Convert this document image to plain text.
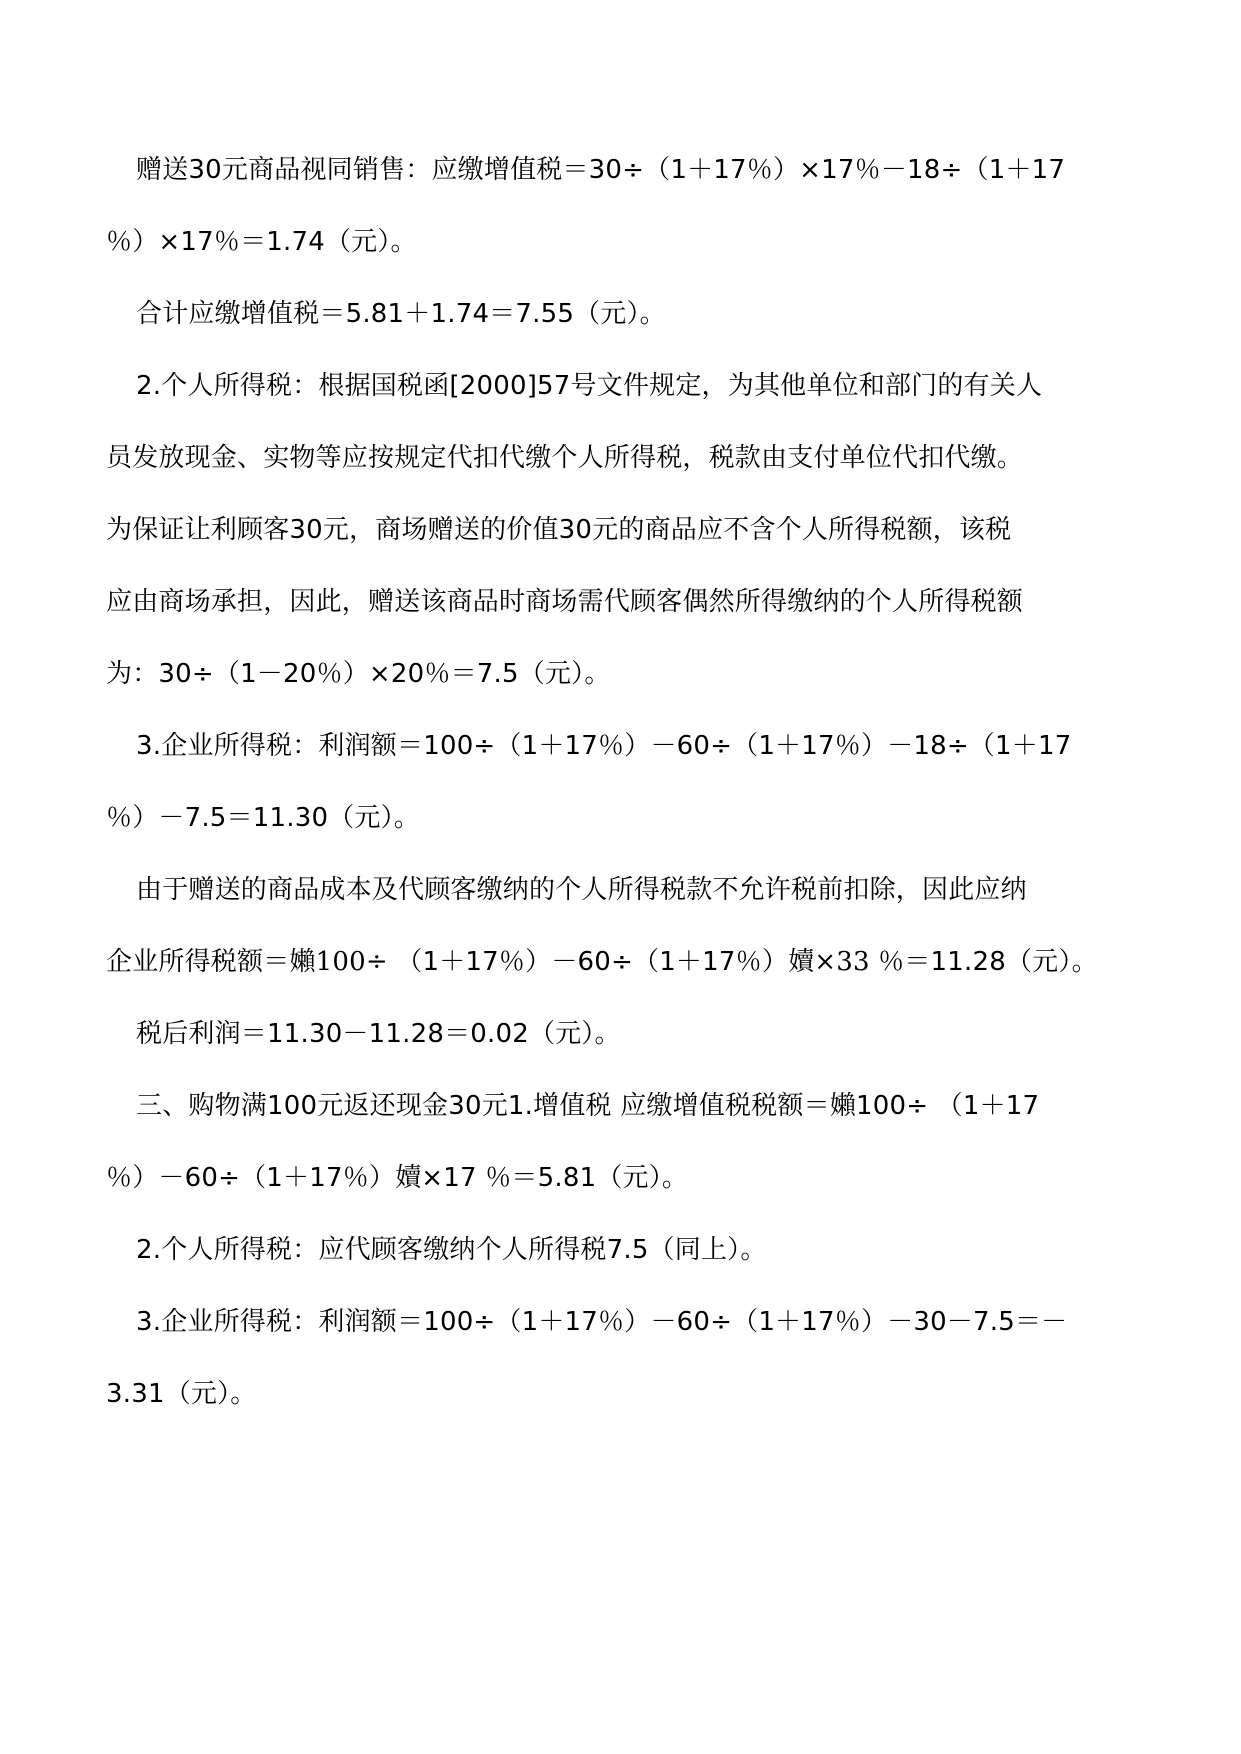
赠送30元商品视同销售：应缴增值税＝30÷（1＋17％）×17％－18÷（1＋17
％）×17％＝1.74（元）。
合计应缴增值税＝5.81＋1.74＝7.55（元）。
2.个人所得税：根据国税函[2000]57号文件规定，为其他单位和部门的有关人
员发放现金、实物等应按规定代扣代缴个人所得税，税款由支付单位代扣代缴。
为保证让利顾客30元，商场赠送的价值30元的商品应不含个人所得税额，该税
应由商场承担，因此，赠送该商品时商场需代顾客偶然所得缴纳的个人所得税额
为：30÷（1－20％）×20％＝7.5（元）。
3.企业所得税：利润额＝100÷（1＋17％）－60÷（1＋17％）－18÷（1＋17
％）－7.5＝11.30（元）。
由于赠送的商品成本及代顾客缴纳的个人所得税款不允许税前扣除，因此应纳
企业所得税额＝嬾100÷ （1＋17％）－60÷（1＋17％）嬻×33 ％＝11.28（元）。
税后利润＝11.30－11.28＝0.02（元）。
三、购物满100元返还现金30元1.增值税 应缴增值税税额＝嬾100÷ （1＋17
％）－60÷（1＋17％）嬻×17 ％＝5.81（元）。
2.个人所得税：应代顾客缴纳个人所得税7.5（同上）。
3.企业所得税：利润额＝100÷（1＋17％）－60÷（1＋17％）－30－7.5＝－
3.31（元）。
